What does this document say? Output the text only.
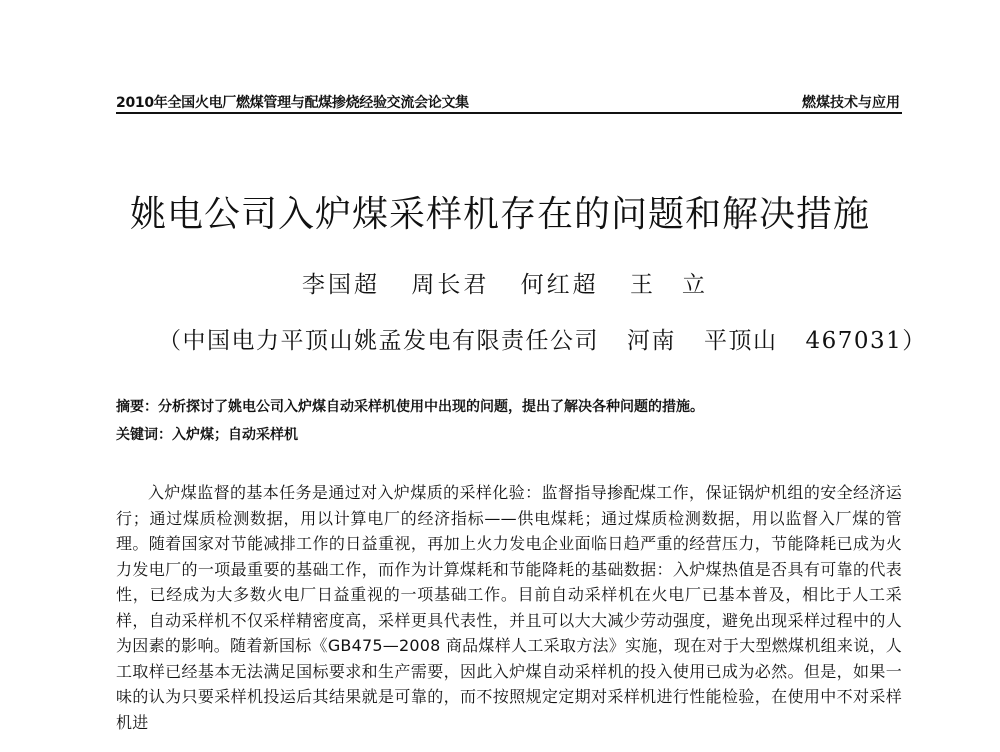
2010年全国火电厂燃煤管理与配煤掺烧经验交流会论文集	燃煤技术与应用
姚电公司入炉煤采样机存在的问题和解决措施
李国超 周长君 何红超 王　立
（中国电力平顶山姚孟发电有限责任公司 河南 平顶山 467031）
摘要：分析探讨了姚电公司入炉煤自动采样机使用中出现的问题，提出了解决各种问题的措施。
关键词：入炉煤；自动采样机

入炉煤监督的基本任务是通过对入炉煤质的采样化验：监督指导掺配煤工作，保证锅炉机组的安全经济运行；通过煤质检测数据，用以计算电厂的经济指标——供电煤耗；通过煤质检测数据，用以监督入厂煤的管理。随着国家对节能减排工作的日益重视，再加上火力发电企业面临日趋严重的经营压力，节能降耗已成为火力发电厂的一项最重要的基础工作，而作为计算煤耗和节能降耗的基础数据：入炉煤热值是否具有可靠的代表性，已经成为大多数火电厂日益重视的一项基础工作。目前自动采样机在火电厂已基本普及，相比于人工采样，自动采样机不仅采样精密度高，采样更具代表性，并且可以大大减少劳动强度，避免出现采样过程中的人为因素的影响。随着新国标《GB475—2008 商品煤样人工采取方法》实施，现在对于大型燃煤机组来说，人工取样已经基本无法满足国标要求和生产需要，因此入炉煤自动采样机的投入使用已成为必然。但是，如果一味的认为只要采样机投运后其结果就是可靠的，而不按照规定定期对采样机进行性能检验，在使用中不对采样机进
